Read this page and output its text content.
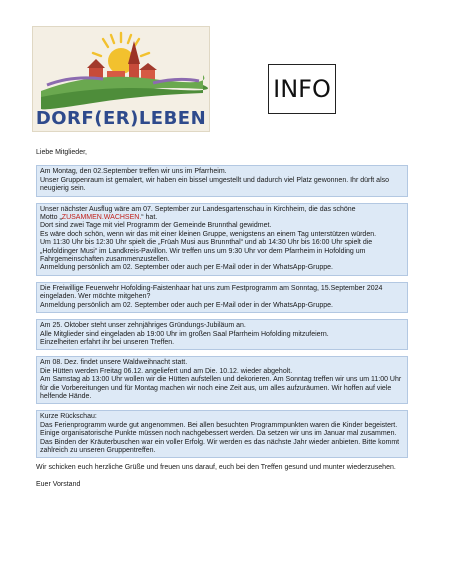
DORF(ER)LEBEN
INFO
Liebe Mitglieder,
Am Montag, den 02.September treffen wir uns im Pfarrheim.
Unser Gruppenraum ist gemalert, wir haben ein bissel umgestellt und dadurch viel Platz gewonnen. Ihr dürft also neugierig sein.
Unser nächster Ausflug wäre am 07. September zur Landesgartenschau in Kirchheim, die das schöne
Motto „ZUSAMMEN.WACHSEN.“ hat.
Dort sind zwei Tage mit viel Programm der Gemeinde Brunnthal gewidmet.
Es wäre doch schön, wenn wir das mit einer kleinen Gruppe, wenigstens an einem Tag unterstützen würden.
Um 11:30 Uhr bis 12:30 Uhr spielt die „Früah Musi aus Brunnthal“ und ab 14:30 Uhr bis 16:00 Uhr spielt die „Hofoldinger Musi“ im Landkreis-Pavillon. Wir treffen uns um 9:30 Uhr vor dem Pfarrheim in Hofolding um Fahrgemeinschaften zusammenzustellen.
Anmeldung persönlich am 02. September oder auch per E-Mail oder in der WhatsApp-Gruppe.
Die Freiwillige Feuerwehr Hofolding-Faistenhaar hat uns zum Festprogramm am Sonntag, 15.September 2024 eingeladen. Wer möchte mitgehen?
Anmeldung persönlich am 02. September oder auch per E-Mail oder in der WhatsApp-Gruppe.
Am 25. Oktober steht unser zehnjähriges Gründungs-Jubiläum an.
Alle Mitglieder sind eingeladen ab 19:00 Uhr im großen Saal Pfarrheim Hofolding mitzufeiern.
Einzelheiten erfahrt ihr bei unseren Treffen.
Am 08. Dez. findet unsere Waldweihnacht statt.
Die Hütten werden Freitag 06.12. angeliefert und am Die. 10.12. wieder abgeholt.
Am Samstag ab 13:00 Uhr wollen wir die Hütten aufstellen und dekorieren. Am Sonntag treffen wir uns um 11:00 Uhr für die Vorbereitungen und für Montag machen wir noch eine Zeit aus, um alles aufzuräumen. Wir hoffen auf viele helfende Hände.
Kurze Rückschau:
Das Ferienprogramm wurde gut angenommen. Bei allen besuchten Programmpunkten waren die Kinder begeistert. Einige organisatorische Punkte müssen noch nachgebessert werden. Da setzen wir uns im Januar mal zusammen.
Das Binden der Kräuterbuschen war ein voller Erfolg. Wir werden es das nächste Jahr wieder anbieten. Bitte kommt zahlreich zu unseren Gruppentreffen.
Wir schicken euch herzliche Grüße und freuen uns darauf, euch bei den Treffen gesund und munter wiederzusehen.
Euer Vorstand
